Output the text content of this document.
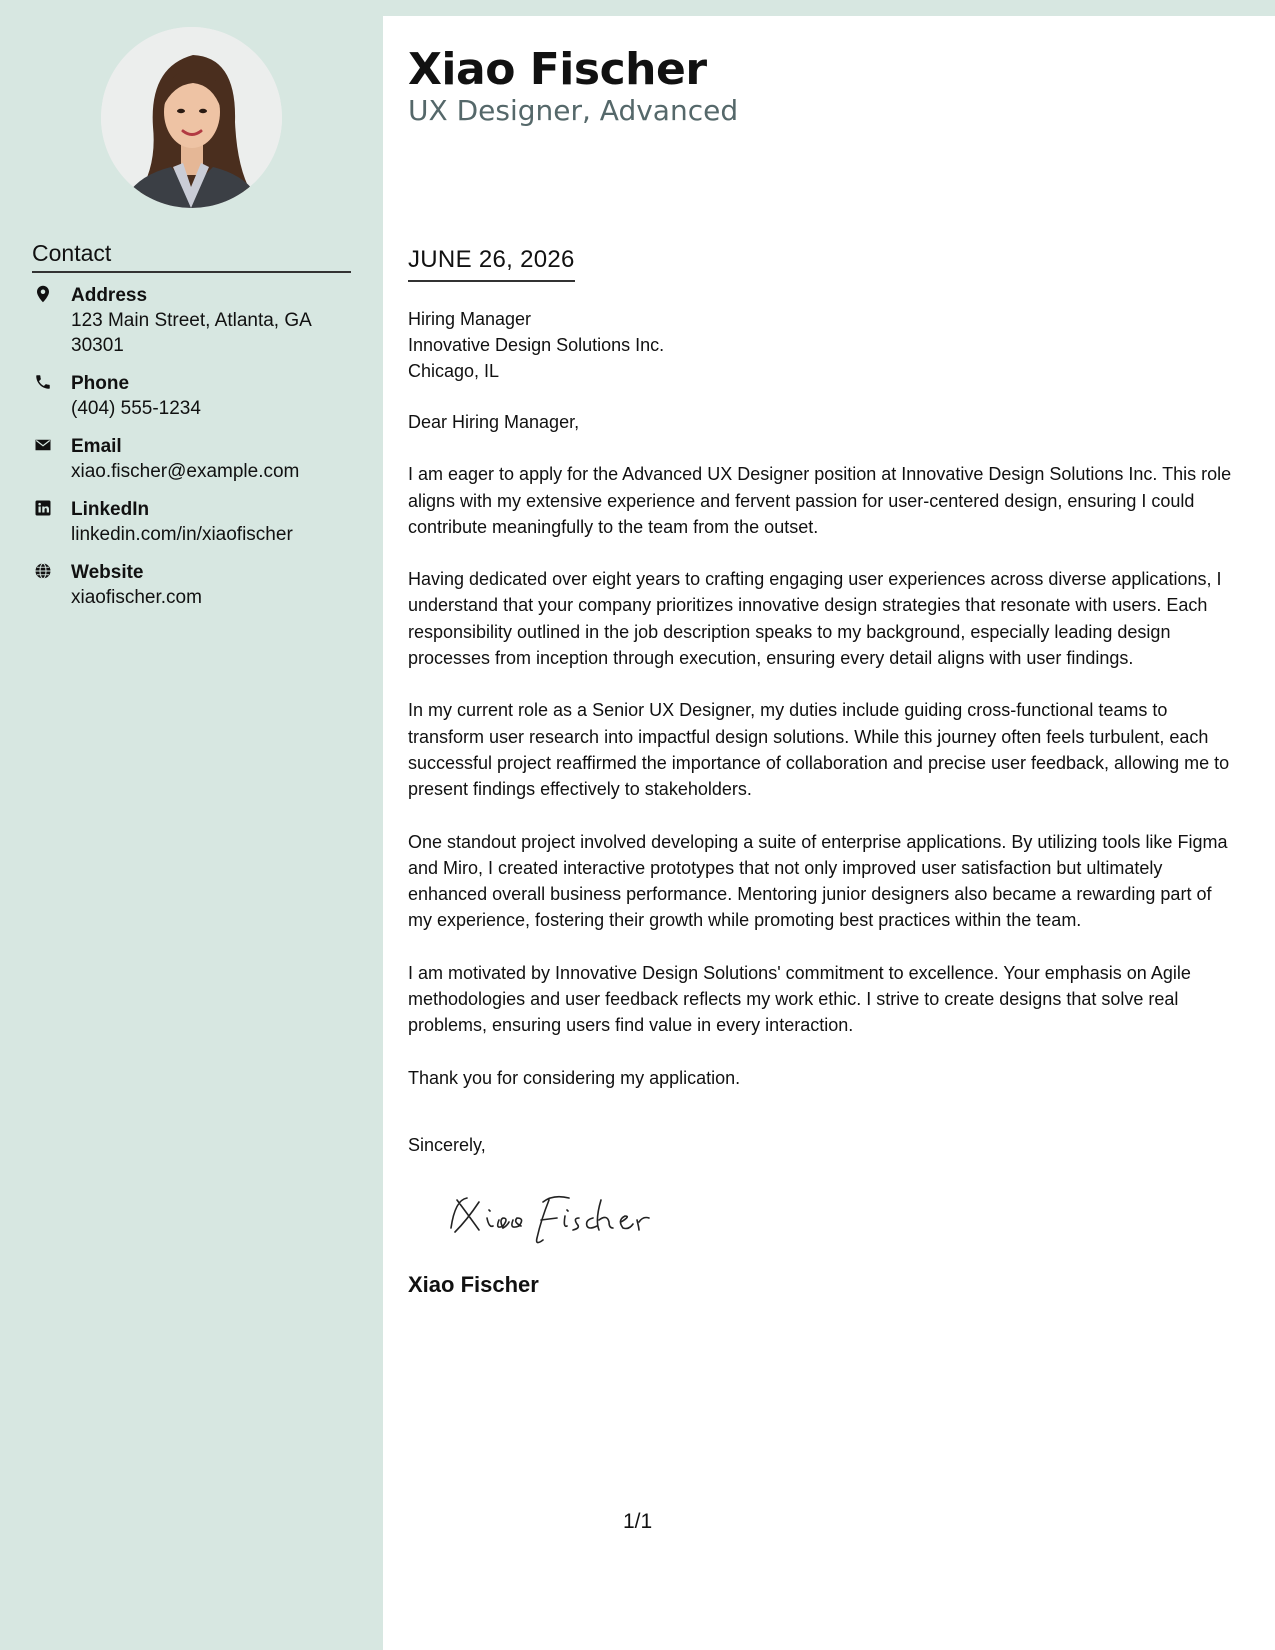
Contact
Address
123 Main Street, Atlanta, GA 30301
Phone
(404) 555-1234
Email
xiao.fischer@example.com
LinkedIn
linkedin.com/in/xiaofischer
Website
xiaofischer.com
Xiao Fischer
UX Designer, Advanced
JUNE 26, 2026
Hiring Manager
Innovative Design Solutions Inc.
Chicago, IL

Dear Hiring Manager,

I am eager to apply for the Advanced UX Designer position at Innovative Design Solutions Inc. This role aligns with my extensive experience and fervent passion for user-centered design, ensuring I could contribute meaningfully to the team from the outset.

Having dedicated over eight years to crafting engaging user experiences across diverse applications, I understand that your company prioritizes innovative design strategies that resonate with users. Each responsibility outlined in the job description speaks to my background, especially leading design processes from inception through execution, ensuring every detail aligns with user findings.

In my current role as a Senior UX Designer, my duties include guiding cross-functional teams to transform user research into impactful design solutions. While this journey often feels turbulent, each successful project reaffirmed the importance of collaboration and precise user feedback, allowing me to present findings effectively to stakeholders.

One standout project involved developing a suite of enterprise applications. By utilizing tools like Figma and Miro, I created interactive prototypes that not only improved user satisfaction but ultimately enhanced overall business performance. Mentoring junior designers also became a rewarding part of my experience, fostering their growth while promoting best practices within the team.

I am motivated by Innovative Design Solutions' commitment to excellence. Your emphasis on Agile methodologies and user feedback reflects my work ethic. I strive to create designs that solve real problems, ensuring users find value in every interaction.

Thank you for considering my application.

Sincerely,
Xiao Fischer
1/1
